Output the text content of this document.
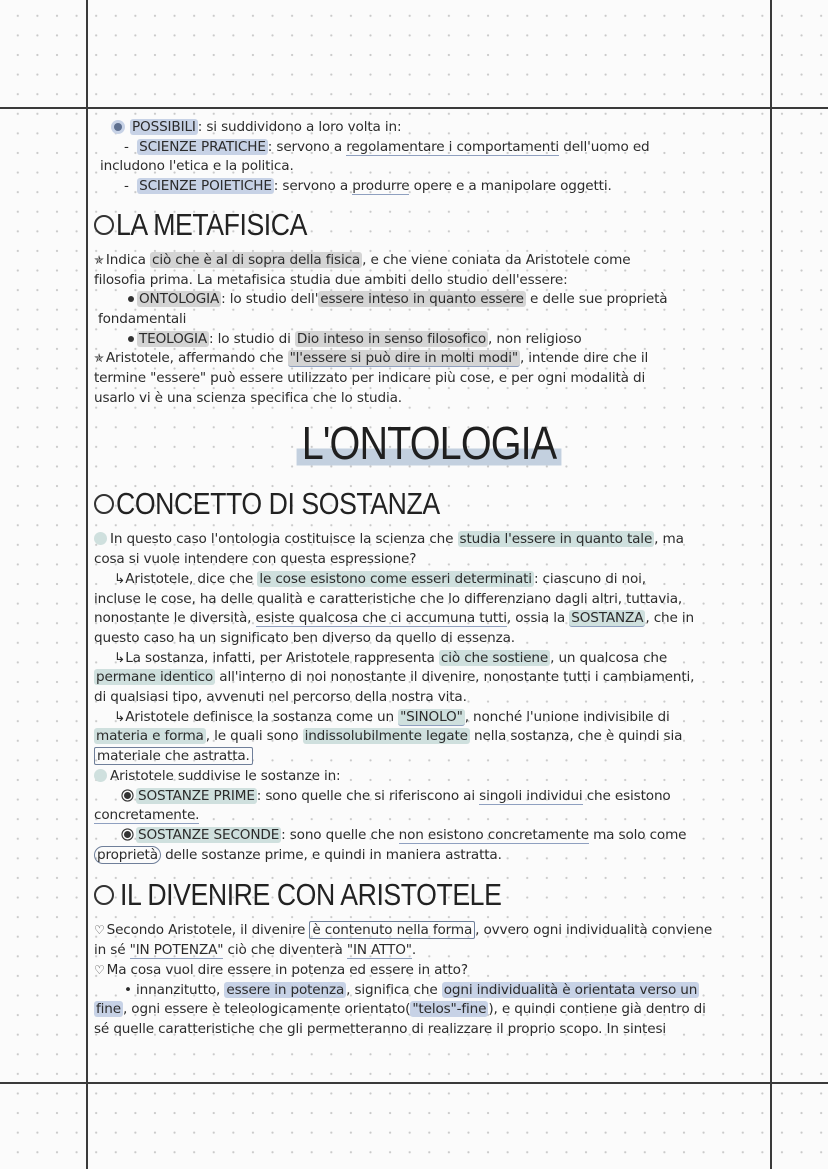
POSSIBILI : si suddividono a loro volta in:
- SCIENZE PRATICHE : servono a regolamentare i comportamenti dell'uomo ed
includono l'etica e la politica.
- SCIENZE POIETICHE : servono a produrre opere e a manipolare oggetti.
LA METAFISICA
✯ Indica ciò che è al di sopra della fisica , e che viene coniata da Aristotele come
filosofia prima. La metafisica studia due ambiti dello studio dell'essere:
ONTOLOGIA : lo studio dell' essere inteso in quanto essere e delle sue proprietà
fondamentali
TEOLOGIA : lo studio di Dio inteso in senso filosofico , non religioso
✯ Aristotele, affermando che "l'essere si può dire in molti modi" , intende dire che il
termine "essere" può essere utilizzato per indicare più cose, e per ogni modalità di
usarlo vi è una scienza specifica che lo studia.
L'ONTOLOGIA
CONCETTO DI SOSTANZA
In questo caso l'ontologia costituisce la scienza che studia l'essere in quanto tale , ma
cosa si vuole intendere con questa espressione?
↳Aristotele, dice che le cose esistono come esseri determinati : ciascuno di noi,
incluse le cose, ha delle qualità e caratteristiche che lo differenziano dagli altri, tuttavia,
nonostante le diversità, esiste qualcosa che ci accumuna tutti, ossia la SOSTANZA , che in
questo caso ha un significato ben diverso da quello di essenza.
↳La sostanza, infatti, per Aristotele rappresenta ciò che sostiene , un qualcosa che
permane identico all'interno di noi nonostante il divenire, nonostante tutti i cambiamenti,
di qualsiasi tipo, avvenuti nel percorso della nostra vita.
↳Aristotele definisce la sostanza come un "SINOLO" , nonché l'unione indivisibile di
materia e forma , le quali sono indissolubilmente legate nella sostanza, che è quindi sia
materiale che astratta.
Aristotele suddivise le sostanze in:
SOSTANZE PRIME : sono quelle che si riferiscono ai singoli individui che esistono
concretamente.
SOSTANZE SECONDE : sono quelle che non esistono concretamente ma solo come
proprietà delle sostanze prime, e quindi in maniera astratta.
IL DIVENIRE CON ARISTOTELE
♡ Secondo Aristotele, il divenire è contenuto nella forma , ovvero ogni individualità conviene
in sé "IN POTENZA" ciò che diventerà "IN ATTO".
♡ Ma cosa vuol dire essere in potenza ed essere in atto?
• innanzitutto, essere in potenza , significa che ogni individualità è orientata verso un
fine , ogni essere è teleologicamente orientato( "telos"-fine ), e quindi contiene già dentro di
sé quelle caratteristiche che gli permetteranno di realizzare il proprio scopo. In sintesi
